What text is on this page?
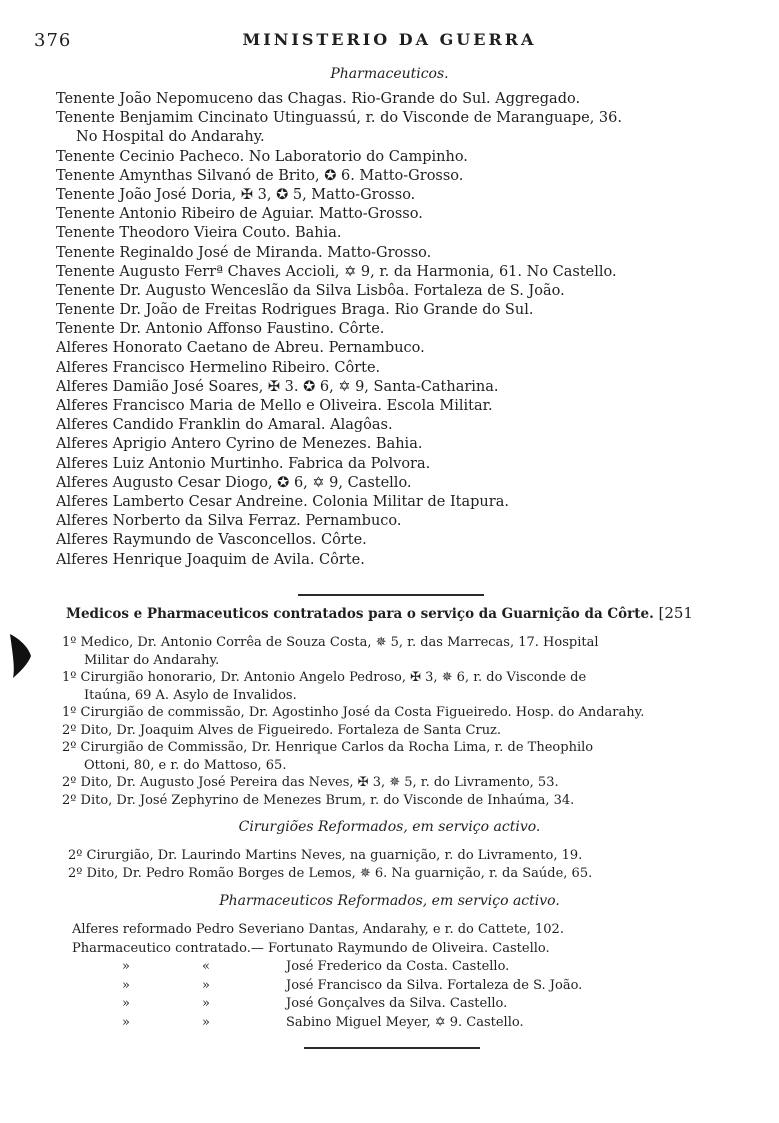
376	MINISTERIO DA GUERRA
Pharmaceuticos.
Tenente João Nepomuceno das Chagas. Rio-Grande do Sul. Aggregado.
Tenente Benjamim Cincinato Utinguassú, r. do Visconde de Maranguape, 36.
No Hospital do Andarahy.
Tenente Cecinio Pacheco. No Laboratorio do Campinho.
Tenente Amynthas Silvanó de Brito, ✪ 6. Matto-Grosso.
Tenente João José Doria, ✠ 3, ✪ 5, Matto-Grosso.
Tenente Antonio Ribeiro de Aguiar. Matto-Grosso.
Tenente Theodoro Vieira Couto. Bahia.
Tenente Reginaldo José de Miranda. Matto-Grosso.
Tenente Augusto Ferrª Chaves Accioli, ✡ 9, r. da Harmonia, 61. No Castello.
Tenente Dr. Augusto Wenceslão da Silva Lisbôa. Fortaleza de S. João.
Tenente Dr. João de Freitas Rodrigues Braga. Rio Grande do Sul.
Tenente Dr. Antonio Affonso Faustino. Côrte.
Alferes Honorato Caetano de Abreu. Pernambuco.
Alferes Francisco Hermelino Ribeiro. Côrte.
Alferes Damião José Soares, ✠ 3. ✪ 6, ✡ 9, Santa-Catharina.
Alferes Francisco Maria de Mello e Oliveira. Escola Militar.
Alferes Candido Franklin do Amaral. Alagôas.
Alferes Aprigio Antero Cyrino de Menezes. Bahia.
Alferes Luiz Antonio Murtinho. Fabrica da Polvora.
Alferes Augusto Cesar Diogo, ✪ 6, ✡ 9, Castello.
Alferes Lamberto Cesar Andreine. Colonia Militar de Itapura.
Alferes Norberto da Silva Ferraz. Pernambuco.
Alferes Raymundo de Vasconcellos. Côrte.
Alferes Henrique Joaquim de Avila. Côrte.
Medicos e Pharmaceuticos contratados para o serviço da Guarnição da Côrte. [251
1º Medico, Dr. Antonio Corrêa de Souza Costa, ✵ 5, r. das Marrecas, 17. Hospital
Militar do Andarahy.
1º Cirurgião honorario, Dr. Antonio Angelo Pedroso, ✠ 3, ✵ 6, r. do Visconde de
Itaúna, 69 A. Asylo de Invalidos.
1º Cirurgião de commissão, Dr. Agostinho José da Costa Figueiredo. Hosp. do Andarahy.
2º Dito, Dr. Joaquim Alves de Figueiredo. Fortaleza de Santa Cruz.
2º Cirurgião de Commissão, Dr. Henrique Carlos da Rocha Lima, r. de Theophilo
Ottoni, 80, e r. do Mattoso, 65.
2º Dito, Dr. Augusto José Pereira das Neves, ✠ 3, ✵ 5, r. do Livramento, 53.
2º Dito, Dr. José Zephyrino de Menezes Brum, r. do Visconde de Inhaúma, 34.
Cirurgiões Reformados, em serviço activo.
2º Cirurgião, Dr. Laurindo Martins Neves, na guarnição, r. do Livramento, 19.
2º Dito, Dr. Pedro Romão Borges de Lemos, ✵ 6. Na guarnição, r. da Saúde, 65.
Pharmaceuticos Reformados, em serviço activo.
Alferes reformado Pedro Severiano Dantas, Andarahy, e r. do Cattete, 102.
Pharmaceutico contratado.— Fortunato Raymundo de Oliveira. Castello.
»	«	José Frederico da Costa. Castello.
»	»	José Francisco da Silva. Fortaleza de S. João.
»	»	José Gonçalves da Silva. Castello.
»	»	Sabino Miguel Meyer, ✡ 9. Castello.
